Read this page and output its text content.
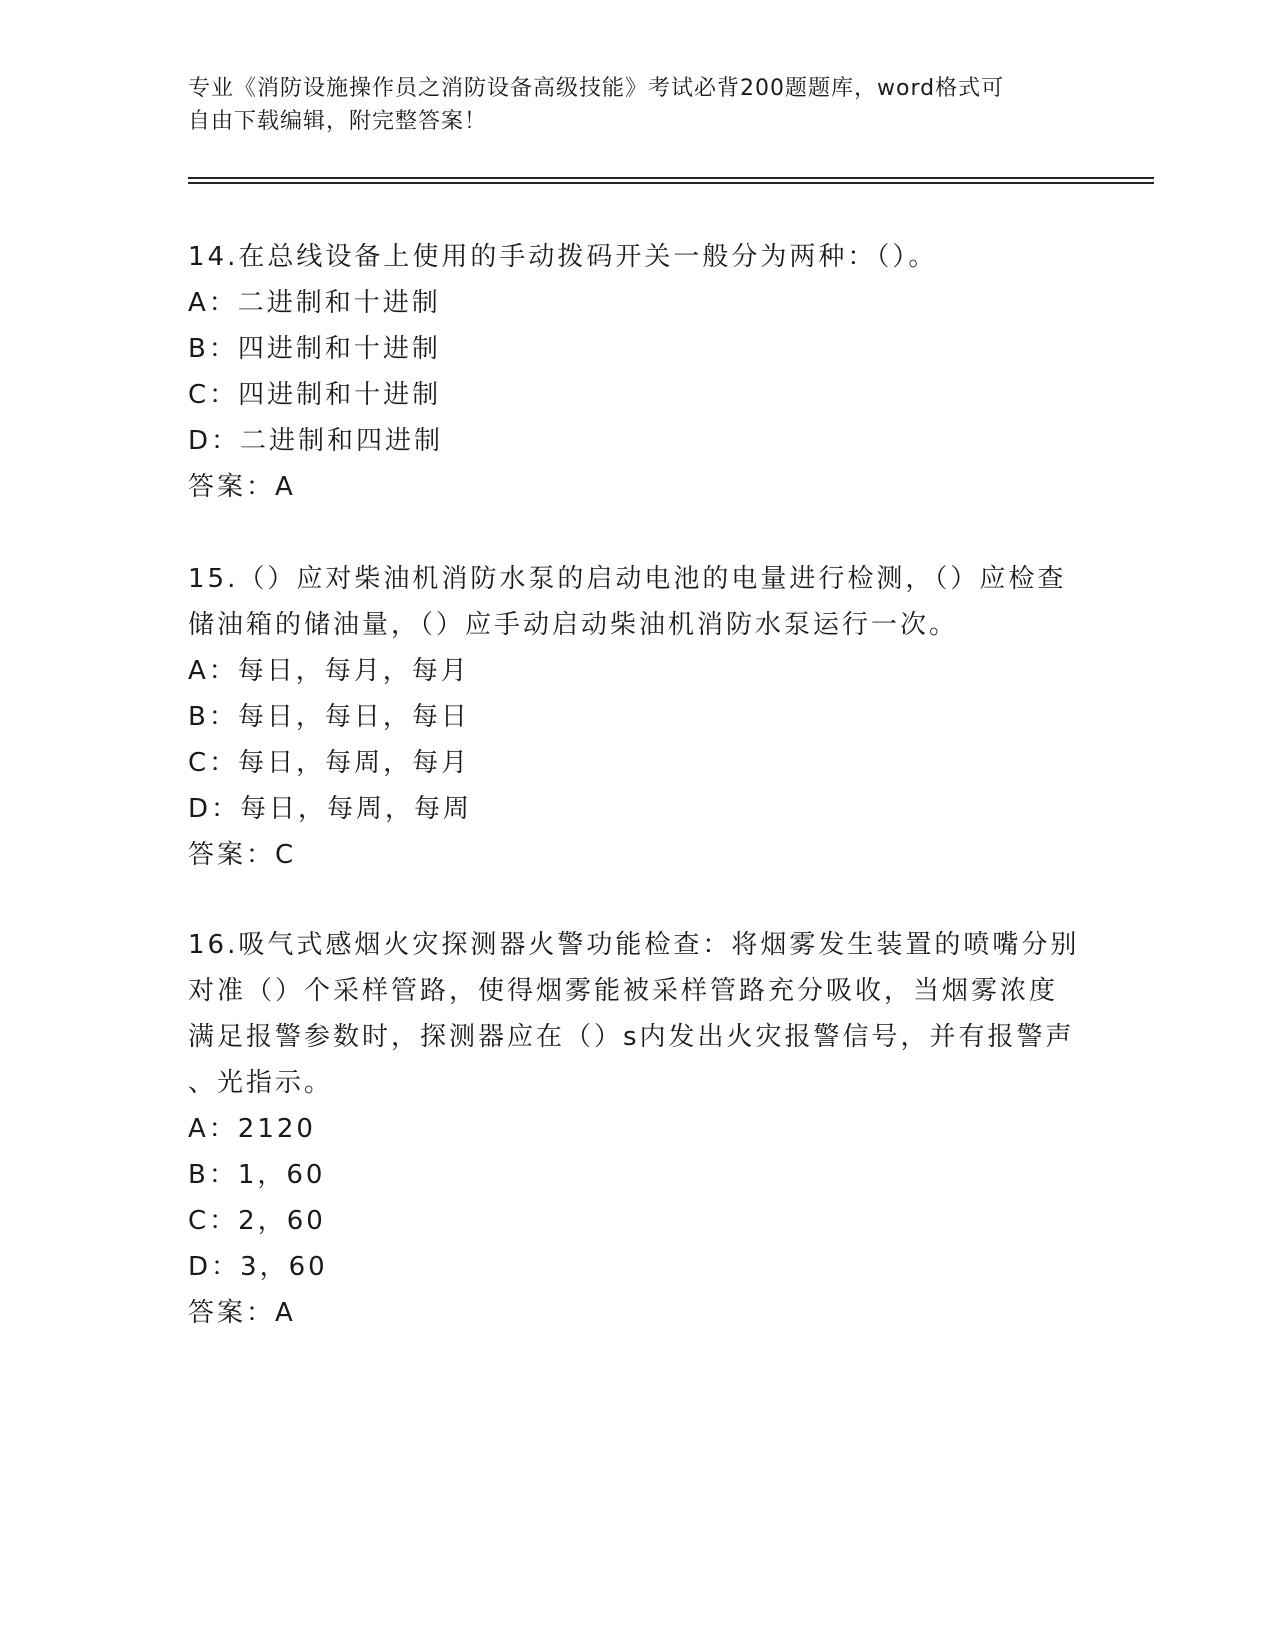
专业《消防设施操作员之消防设备高级技能》考试必背200题题库，word格式可
自由下载编辑，附完整答案！

14.在总线设备上使用的手动拨码开关一般分为两种：（）。

A：二进制和十进制

B：四进制和十进制

C：四进制和十进制

D：二进制和四进制

答案：A

15.（）应对柴油机消防水泵的启动电池的电量进行检测，（）应检查

储油箱的储油量，（）应手动启动柴油机消防水泵运行一次。

A：每日，每月，每月

B：每日，每日，每日

C：每日，每周，每月

D：每日，每周，每周

答案：C

16.吸气式感烟火灾探测器火警功能检查：将烟雾发生装置的喷嘴分别

对准（）个采样管路，使得烟雾能被采样管路充分吸收，当烟雾浓度

满足报警参数时，探测器应在（）s内发出火灾报警信号，并有报警声

、光指示。

A：2120

B：1，60

C：2，60

D：3，60

答案：A
